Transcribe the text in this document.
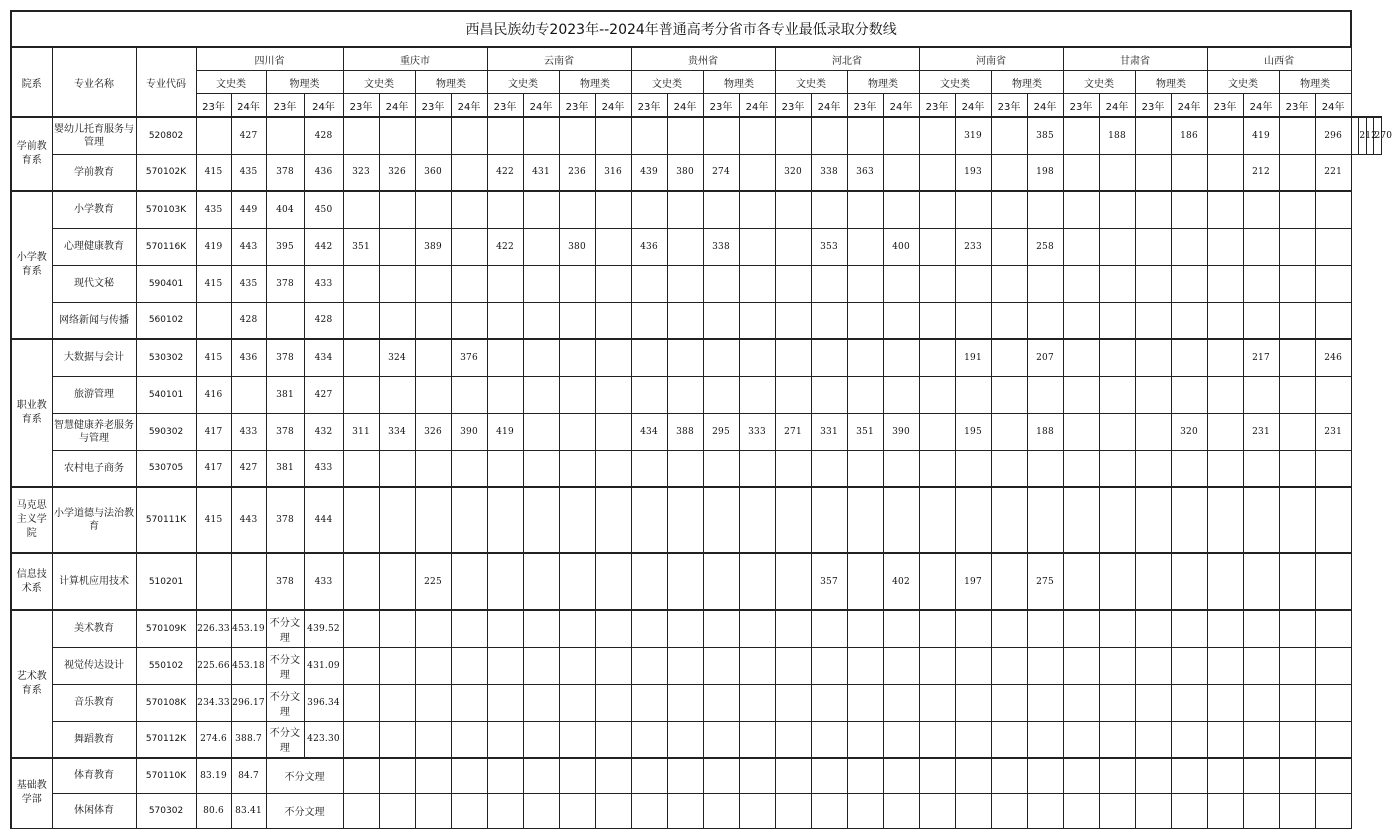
西昌民族幼专2023年--2024年普通高考分省市各专业最低录取分数线																																						
院系	专业名称	专业代码	四川省				重庆市				云南省				贵州省				河北省				河南省				甘肃省				山西省							
			文史类		物理类		文史类		物理类		文史类		物理类		文史类		物理类		文史类		物理类		文史类		物理类		文史类		物理类		文史类		物理类					
			23年	24年	23年	24年	23年	24年	23年	24年	23年	24年	23年	24年	23年	24年	23年	24年	23年	24年	23年	24年	23年	24年	23年	24年	23年	24年	23年	24年	23年	24年	23年	24年				
学前教育系	婴幼儿托育服务与管理	520802		427		428																		319		385		188		186		419		296		212		270
	学前教育	570102K	415	435	378	436	323	326	360		422	431	236	316	439	380	274		320	338	363			193		198						212		221				
小学教育系	小学教育	570103K	435	449	404	450																																
	心理健康教育	570116K	419	443	395	442	351		389		422		380		436		338			353		400		233		258												
	现代文秘	590401	415	435	378	433																																
	网络新闻与传播	560102		428		428																																
职业教育系	大数据与会计	530302	415	436	378	434		324		376														191		207						217		246				
	旅游管理	540101	416		381	427																																
	智慧健康养老服务与管理	590302	417	433	378	432	311	334	326	390	419				434	388	295	333	271	331	351	390		195		188				320		231		231				
	农村电子商务	530705	417	427	381	433																																
马克思主义学院	小学道德与法治教育	570111K	415	443	378	444																																
信息技术系	计算机应用技术	510201			378	433			225											357		402		197		275												
艺术教育系	美术教育	570109K	226.33	453.19	不分文理	439.52																																
	视觉传达设计	550102	225.66	453.18	不分文理	431.09																																
	音乐教育	570108K	234.33	296.17	不分文理	396.34																																
	舞蹈教育	570112K	274.6	388.7	不分文理	423.30																																
基础教学部	体育教育	570110K	83.19	84.7	不分文理																																	
	休闲体育	570302	80.6	83.41	不分文理																																	
